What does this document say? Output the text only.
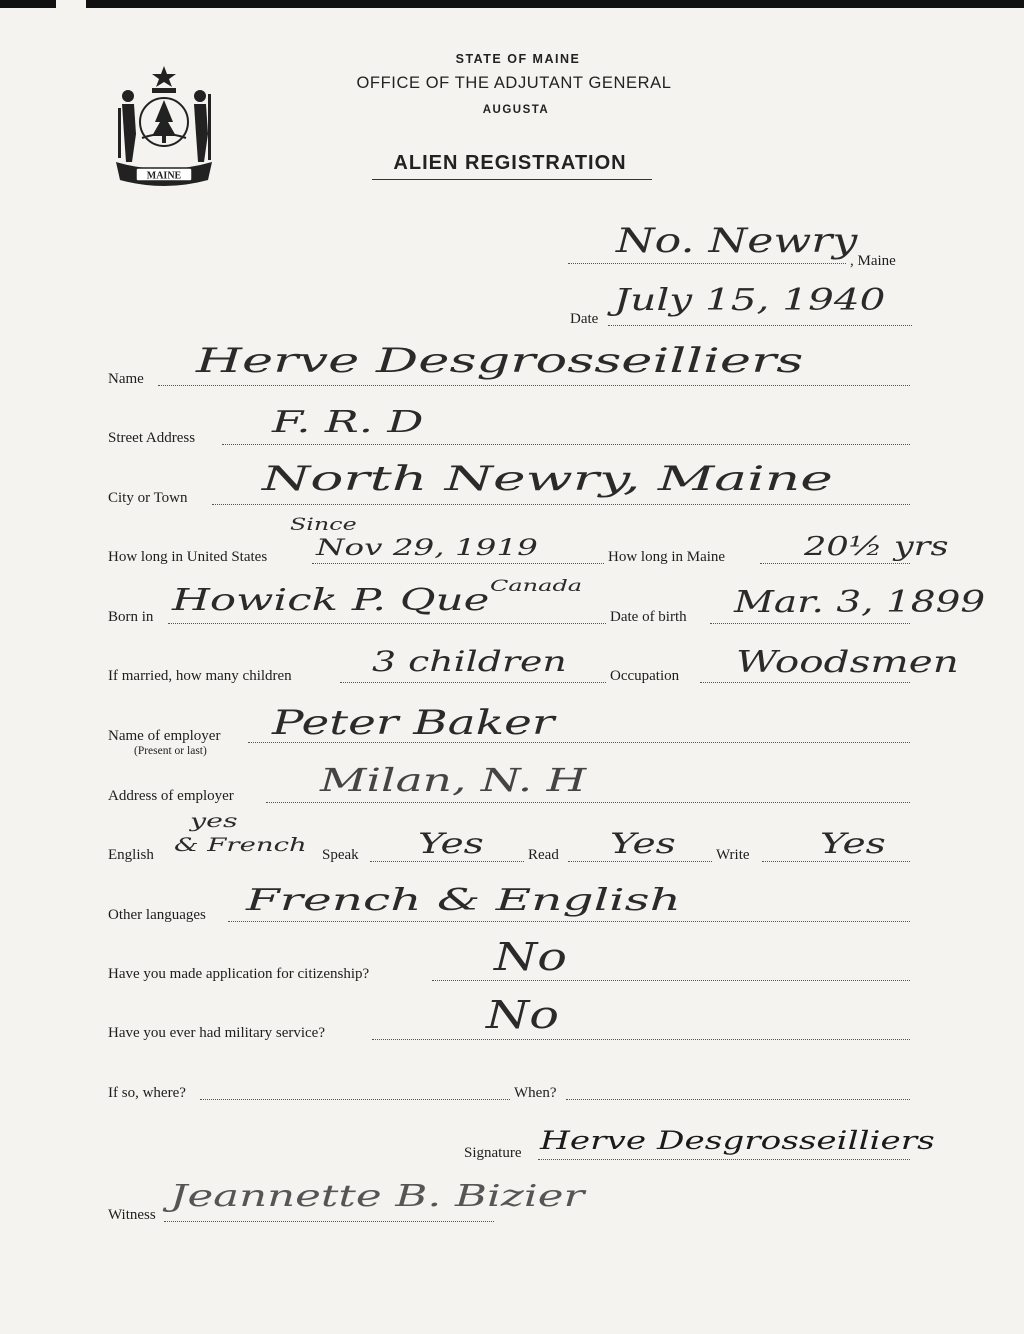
MAINE
STATE OF MAINE
OFFICE OF THE ADJUTANT GENERAL
AUGUSTA
ALIEN REGISTRATION
No. Newry
, Maine
Date
July 15, 1940
Name Herve Desgrosseilliers
Street Address	F. R. D
City or Town North Newry, Maine
Since
How long in United States Nov 29, 1919	How long in Maine	20½ yrs
Canada
Born in Howick P. Que	Date of birth Mar. 3, 1899
If married, how many children	3 children	Occupation Woodsmen
Name of employer
(Present or last)
Peter Baker
Address of employer	Milan, N. H
yes
English & French Speak Yes	Read Yes	Write	Yes
Other languages French & English
Have you made application for citizenship?	No
Have you ever had military service?	No
If so, where?	When?
Signature Herve Desgrosseilliers
Witness
Jeannette B. Bizier
